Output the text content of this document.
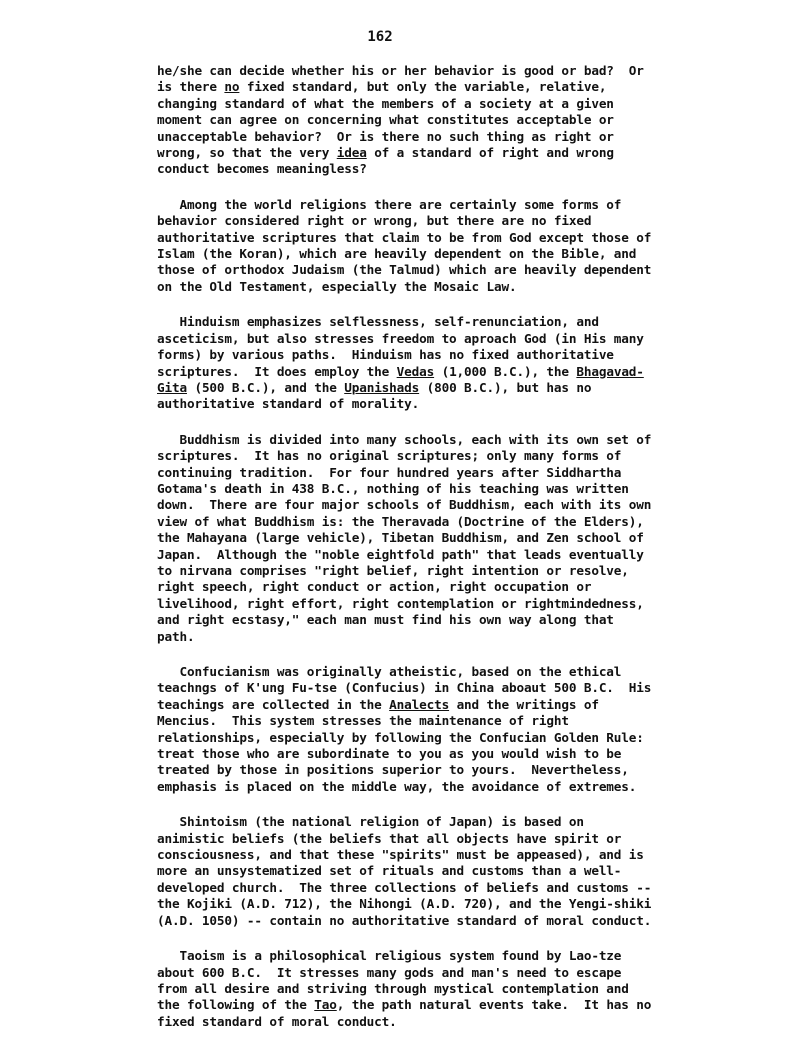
162
he/she can decide whether his or her behavior is good or bad?  Or
is there no fixed standard, but only the variable, relative,
changing standard of what the members of a society at a given
moment can agree on concerning what constitutes acceptable or
unacceptable behavior?  Or is there no such thing as right or
wrong, so that the very idea of a standard of right and wrong
conduct becomes meaningless?
Among the world religions there are certainly some forms of
behavior considered right or wrong, but there are no fixed
authoritative scriptures that claim to be from God except those of
Islam (the Koran), which are heavily dependent on the Bible, and
those of orthodox Judaism (the Talmud) which are heavily dependent
on the Old Testament, especially the Mosaic Law.
Hinduism emphasizes selflessness, self-renunciation, and
asceticism, but also stresses freedom to aproach God (in His many
forms) by various paths.  Hinduism has no fixed authoritative
scriptures.  It does employ the Vedas (1,000 B.C.), the Bhagavad-
Gita (500 B.C.), and the Upanishads (800 B.C.), but has no
authoritative standard of morality.
Buddhism is divided into many schools, each with its own set of
scriptures.  It has no original scriptures; only many forms of
continuing tradition.  For four hundred years after Siddhartha
Gotama's death in 438 B.C., nothing of his teaching was written
down.  There are four major schools of Buddhism, each with its own
view of what Buddhism is: the Theravada (Doctrine of the Elders),
the Mahayana (large vehicle), Tibetan Buddhism, and Zen school of
Japan.  Although the "noble eightfold path" that leads eventually
to nirvana comprises "right belief, right intention or resolve,
right speech, right conduct or action, right occupation or
livelihood, right effort, right contemplation or rightmindedness,
and right ecstasy," each man must find his own way along that
path.
Confucianism was originally atheistic, based on the ethical
teachngs of K'ung Fu-tse (Confucius) in China aboaut 500 B.C.  His
teachings are collected in the Analects and the writings of
Mencius.  This system stresses the maintenance of right
relationships, especially by following the Confucian Golden Rule:
treat those who are subordinate to you as you would wish to be
treated by those in positions superior to yours.  Nevertheless,
emphasis is placed on the middle way, the avoidance of extremes.
Shintoism (the national religion of Japan) is based on
animistic beliefs (the beliefs that all objects have spirit or
consciousness, and that these "spirits" must be appeased), and is
more an unsystematized set of rituals and customs than a well-
developed church.  The three collections of beliefs and customs --
the Kojiki (A.D. 712), the Nihongi (A.D. 720), and the Yengi-shiki
(A.D. 1050) -- contain no authoritative standard of moral conduct.
Taoism is a philosophical religious system found by Lao-tze
about 600 B.C.  It stresses many gods and man's need to escape
from all desire and striving through mystical contemplation and
the following of the Tao, the path natural events take.  It has no
fixed standard of moral conduct.
